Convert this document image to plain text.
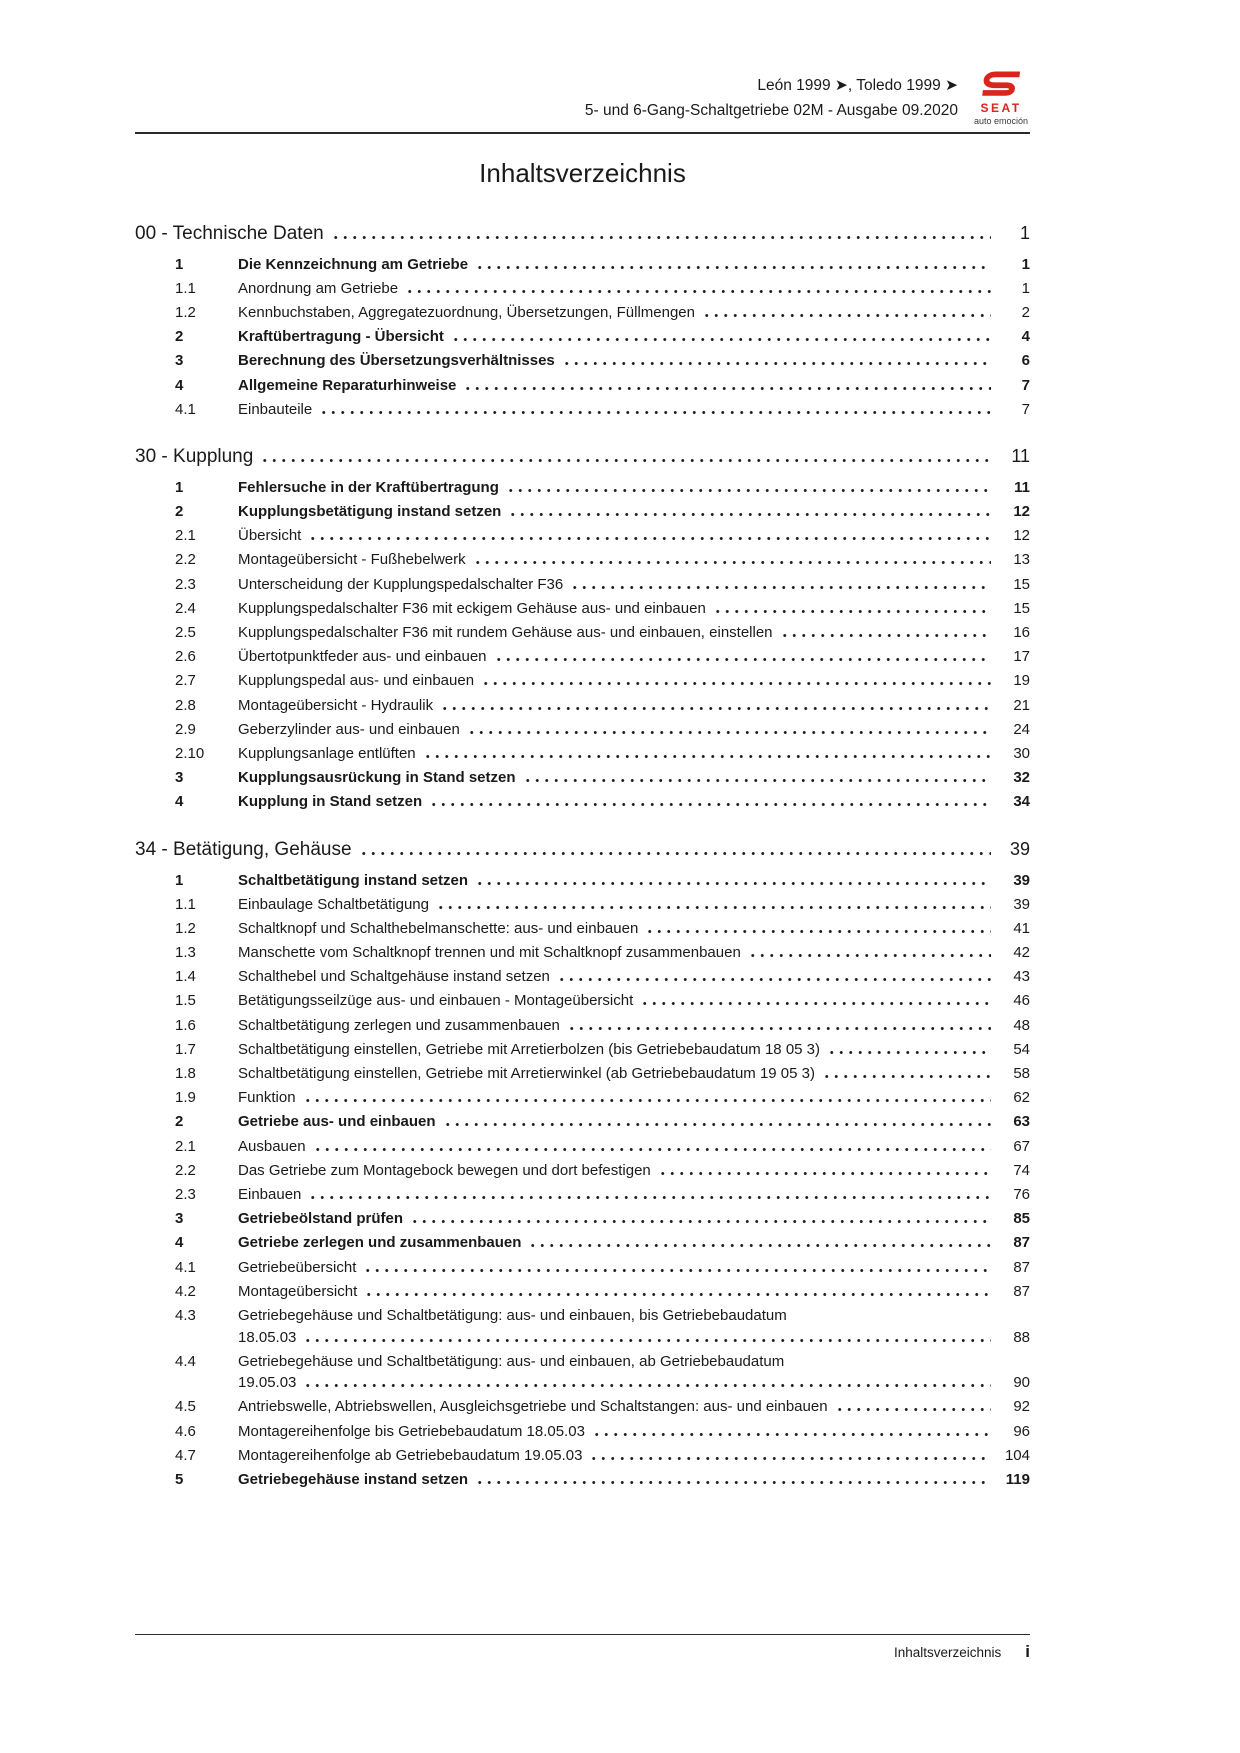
León 1999 ➤, Toledo 1999 ➤
5- und 6-Gang-Schaltgetriebe 02M - Ausgabe 09.2020 SEAT
auto emoción
Inhaltsverzeichnis
00 - Technische Daten	1
1	Die Kennzeichnung am Getriebe	1
1.1	Anordnung am Getriebe	1
1.2	Kennbuchstaben, Aggregatezuordnung, Übersetzungen, Füllmengen	2
2	Kraftübertragung - Übersicht	4
3	Berechnung des Übersetzungsverhältnisses	6
4	Allgemeine Reparaturhinweise	7
4.1	Einbauteile	7
30 - Kupplung	11
1	Fehlersuche in der Kraftübertragung	11
2	Kupplungsbetätigung instand setzen	12
2.1	Übersicht	12
2.2	Montageübersicht - Fußhebelwerk	13
2.3	Unterscheidung der Kupplungspedalschalter F36	15
2.4	Kupplungspedalschalter F36 mit eckigem Gehäuse aus- und einbauen	15
2.5	Kupplungspedalschalter F36 mit rundem Gehäuse aus- und einbauen, einstellen	16
2.6	Übertotpunktfeder aus- und einbauen	17
2.7	Kupplungspedal aus- und einbauen	19
2.8	Montageübersicht - Hydraulik	21
2.9	Geberzylinder aus- und einbauen	24
2.10	Kupplungsanlage entlüften	30
3	Kupplungsausrückung in Stand setzen	32
4	Kupplung in Stand setzen	34
34 - Betätigung, Gehäuse	39
1	Schaltbetätigung instand setzen	39
1.1	Einbaulage Schaltbetätigung	39
1.2	Schaltknopf und Schalthebelmanschette: aus- und einbauen	41
1.3	Manschette vom Schaltknopf trennen und mit Schaltknopf zusammenbauen	42
1.4	Schalthebel und Schaltgehäuse instand setzen	43
1.5	Betätigungsseilzüge aus- und einbauen - Montageübersicht	46
1.6	Schaltbetätigung zerlegen und zusammenbauen	48
1.7	Schaltbetätigung einstellen, Getriebe mit Arretierbolzen (bis Getriebebaudatum 18 05 3)	54
1.8	Schaltbetätigung einstellen, Getriebe mit Arretierwinkel (ab Getriebebaudatum 19 05 3)	58
1.9	Funktion	62
2	Getriebe aus- und einbauen	63
2.1	Ausbauen	67
2.2	Das Getriebe zum Montagebock bewegen und dort befestigen	74
2.3	Einbauen	76
3	Getriebeölstand prüfen	85
4	Getriebe zerlegen und zusammenbauen	87
4.1	Getriebeübersicht	87
4.2	Montageübersicht	87
4.3	Getriebegehäuse und Schaltbetätigung: aus- und einbauen, bis Getriebebaudatum
18.05.03	88
4.4	Getriebegehäuse und Schaltbetätigung: aus- und einbauen, ab Getriebebaudatum
19.05.03	90
4.5	Antriebswelle, Abtriebswellen, Ausgleichsgetriebe und Schaltstangen: aus- und einbauen	92
4.6	Montagereihenfolge bis Getriebebaudatum 18.05.03	96
4.7	Montagereihenfolge ab Getriebebaudatum 19.05.03	104
5	Getriebegehäuse instand setzen	119
Inhaltsverzeichnis i
